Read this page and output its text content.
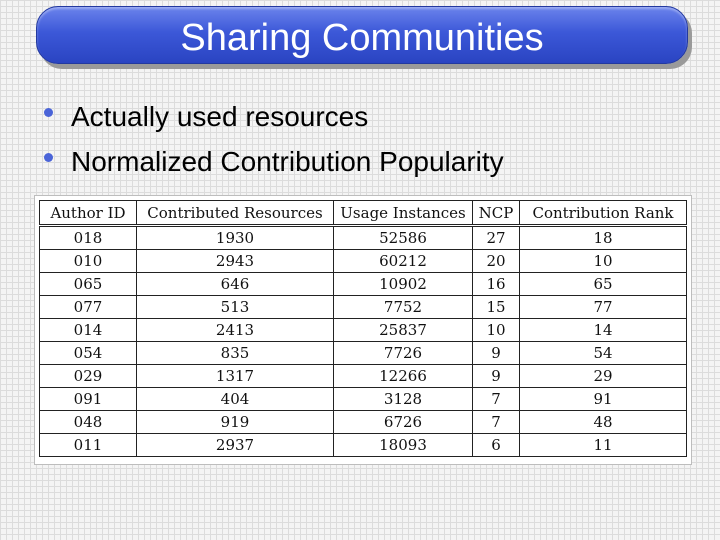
Sharing Communities
Actually used resources
Normalized Contribution Popularity
Author ID	Contributed Resources	Usage Instances	NCP	Contribution Rank
018	1930	52586	27	18
010	2943	60212	20	10
065	646	10902	16	65
077	513	7752	15	77
014	2413	25837	10	14
054	835	7726	9	54
029	1317	12266	9	29
091	404	3128	7	91
048	919	6726	7	48
011	2937	18093	6	11
